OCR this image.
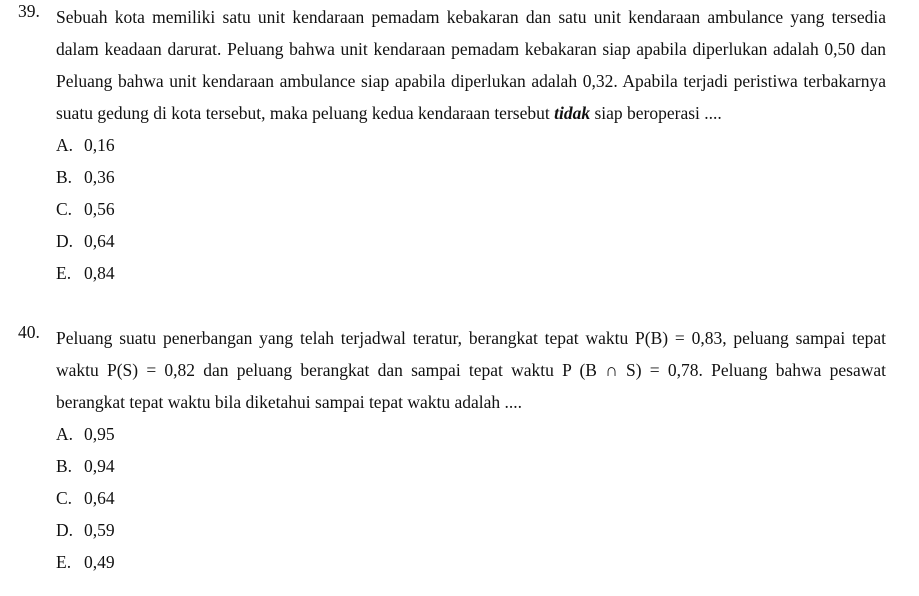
39. Sebuah kota memiliki satu unit kendaraan pemadam kebakaran dan satu unit kendaraan ambulance yang tersedia dalam keadaan darurat. Peluang bahwa unit kendaraan pemadam kebakaran siap apabila diperlukan adalah 0,50 dan Peluang bahwa unit kendaraan ambulance siap apabila diperlukan adalah 0,32. Apabila terjadi peristiwa terbakarnya suatu gedung di kota tersebut, maka peluang kedua kendaraan tersebut tidak siap beroperasi ....
A. 0,16
B. 0,36
C. 0,56
D. 0,64
E. 0,84
40. Peluang suatu penerbangan yang telah terjadwal teratur, berangkat tepat waktu P(B) = 0,83, peluang sampai tepat waktu P(S) = 0,82 dan peluang berangkat dan sampai tepat waktu P (B ∩ S) = 0,78. Peluang bahwa pesawat berangkat tepat waktu bila diketahui sampai tepat waktu adalah ....
A. 0,95
B. 0,94
C. 0,64
D. 0,59
E. 0,49
